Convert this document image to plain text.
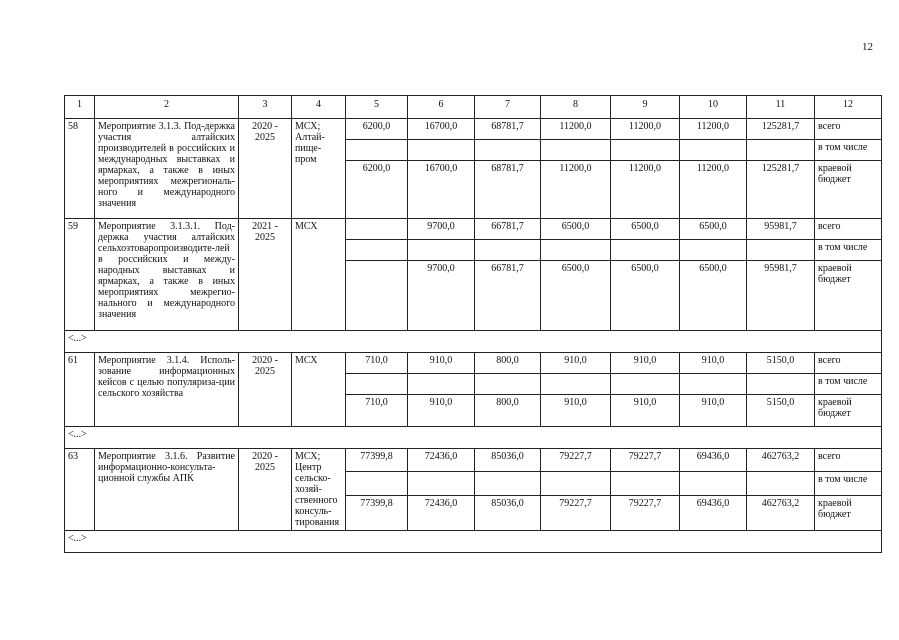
12
1	2	3	4	5	6	7	8	9	10	11	12
58	Мероприятие 3.1.3. Под-держка участия алтайских производителей в российских и международных выставках и ярмарках, а также в иных мероприятиях межрегиональ-ного и международного значения	2020 - 2025	МСХ; Алтай-пище-пром	6200,0	16700,0	68781,7	11200,0	11200,0	11200,0	125281,7	всего
											в том числе
				6200,0	16700,0	68781,7	11200,0	11200,0	11200,0	125281,7	краевой бюджет
59	Мероприятие 3.1.3.1. Под-держка участия алтайских сельхозтоваропроизводите-лей в российских и между-народных выставках и ярмарках, а также в иных мероприятиях межрегио-нального и международного значения	2021 - 2025	МСХ		9700,0	66781,7	6500,0	6500,0	6500,0	95981,7	всего
											в том числе
					9700,0	66781,7	6500,0	6500,0	6500,0	95981,7	краевой бюджет
<...>											
61	Мероприятие 3.1.4. Исполь-зование информационных кейсов с целью популяриза-ции сельского хозяйства	2020 - 2025	МСХ	710,0	910,0	800,0	910,0	910,0	910,0	5150,0	всего
											в том числе
				710,0	910,0	800,0	910,0	910,0	910,0	5150,0	краевой бюджет
<...>											
63	Мероприятие 3.1.6. Развитие информационно-консульта-ционной службы АПК	2020 - 2025	МСХ; Центр сельско-хозяй-ственного консуль-тирования	77399,8	72436,0	85036,0	79227,7	79227,7	69436,0	462763,2	всего
											в том числе
				77399,8	72436,0	85036,0	79227,7	79227,7	69436,0	462763,2	краевой бюджет
<...>											
